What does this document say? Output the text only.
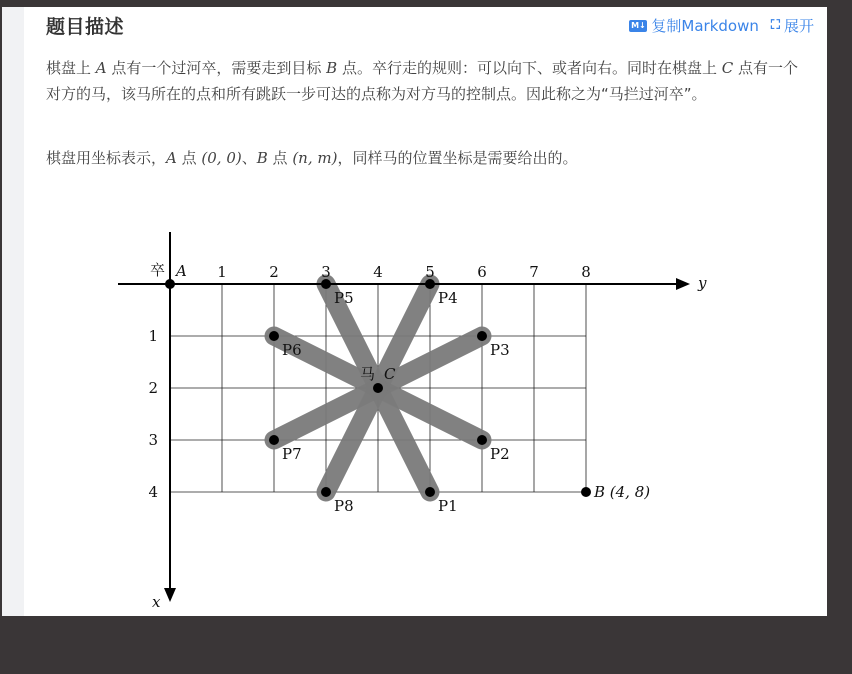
题目描述	M↓ 复制Markdown ⛶ 展开
棋盘上 A 点有一个过河卒，需要走到目标 B 点。卒行走的规则：可以向下、或者向右。同时在棋盘上 C 点有一个对方的马，该马所在的点和所有跳跃一步可达的点称为对方马的控制点。因此称之为“马拦过河卒”。
棋盘用坐标表示，A 点 (0, 0)、B 点 (n, m)，同样马的位置坐标是需要给出的。
1	2	3	4	5	6	7	8
1
2
3
4
y
x
卒 A
马 C
B (4, 8)
P1
P2
P3
P4
P5
P6
P7
P8
